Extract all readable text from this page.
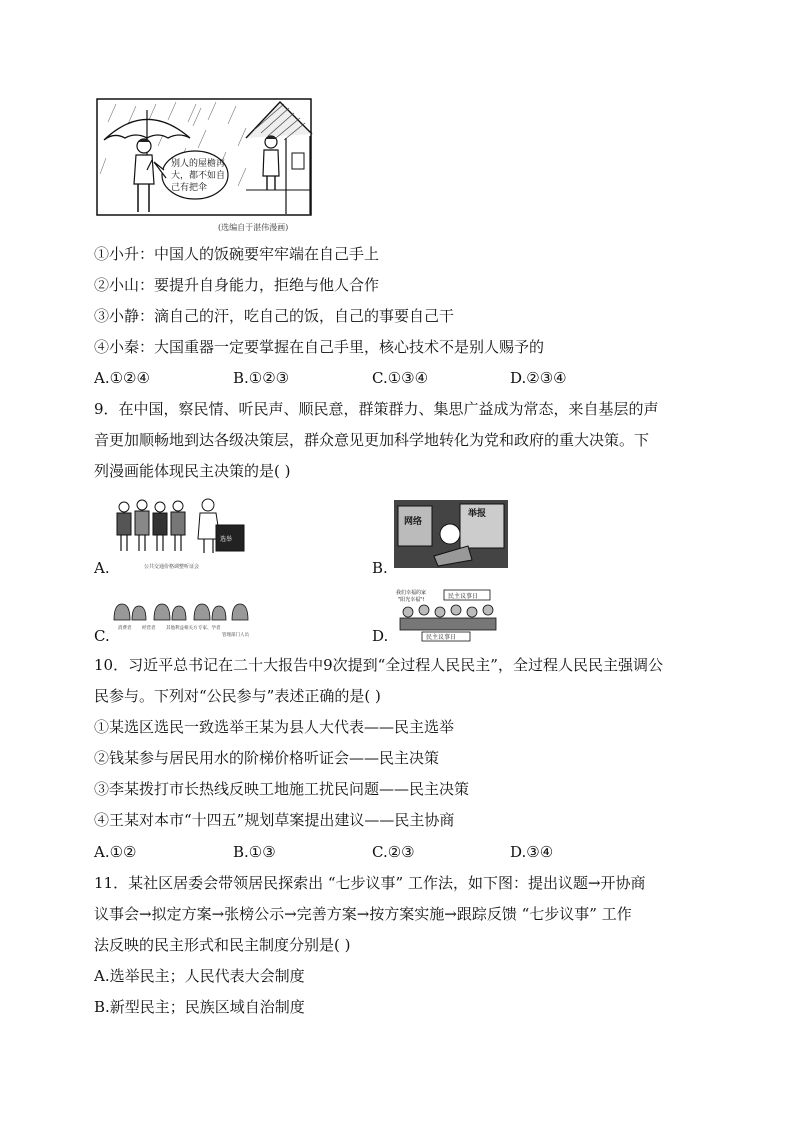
别人的屋檐再
大，都不如自
己有把伞
(选编自于湛伟漫画)
①小升：中国人的饭碗要牢牢端在自己手上
②小山：要提升自身能力，拒绝与他人合作
③小静：滴自己的汗，吃自己的饭，自己的事要自己干
④小秦：大国重器一定要掌握在自己手里，核心技术不是别人赐予的
A.①②④	B.①②③	C.①③④	D.②③④
9．在中国，察民情、听民声、顺民意，群策群力、集思广益成为常态，来自基层的声
音更加顺畅地到达各级决策层，群众意见更加科学地转化为党和政府的重大决策。下
列漫画能体现民主决策的是( )
选举
公共交通价格调整听证会
A.
网络
举报
B.
消费者 经营者 其他利益相关方 专家、学者
管理部门人员
C.
我们幸福的家
"阳光幸福"!	民主议事日
民主议事日
D.
10．习近平总书记在二十大报告中9次提到“全过程人民民主”，全过程人民民主强调公
民参与。下列对“公民参与”表述正确的是( )
①某选区选民一致选举王某为县人大代表——民主选举
②钱某参与居民用水的阶梯价格听证会——民主决策
③李某拨打市长热线反映工地施工扰民问题——民主决策
④王某对本市“十四五”规划草案提出建议——民主协商
A.①②	B.①③	C.②③	D.③④
11．某社区居委会带领居民探索出 “七步议事” 工作法，如下图：提出议题→开协商
议事会→拟定方案→张榜公示→完善方案→按方案实施→跟踪反馈 “七步议事” 工作
法反映的民主形式和民主制度分别是( )
A.选举民主；人民代表大会制度
B.新型民主；民族区域自治制度
